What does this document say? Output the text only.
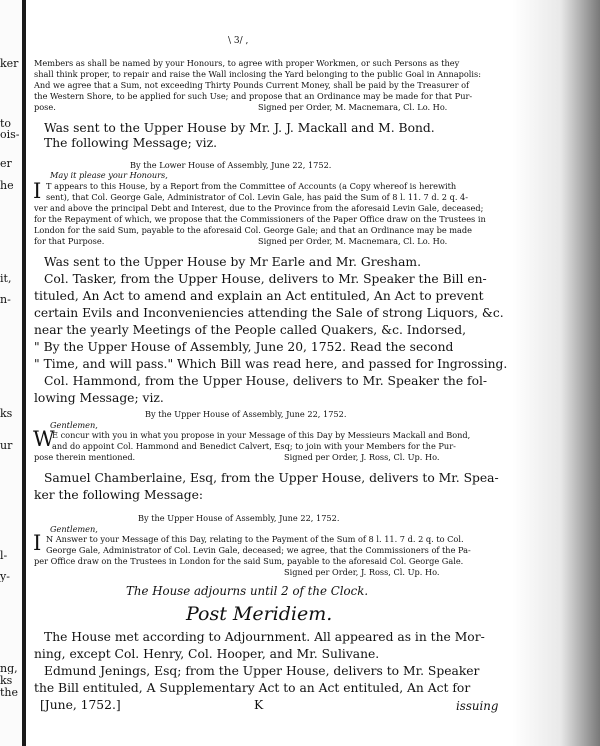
ker
to
ois-
er
he
it,
n-
ks
ur
l-
y-
ng,
ks
the
\ 3/ ,
Members as shall be named by your Honours, to agree with proper Workmen, or such Persons as they
shall think proper, to repair and raise the Wall inclosing the Yard belonging to the public Goal in Annapolis:
And we agree that a Sum, not exceeding Thirty Pounds Current Money, shall be paid by the Treasurer of
the Western Shore, to be applied for such Use; and propose that an Ordinance may be made for that Pur-
pose.	Signed per Order, M. Macnemara, Cl. Lo. Ho.
Was sent to the Upper House by Mr. J. J. Mackall and M. Bond.
The following Message; viz.
By the Lower House of Assembly, June 22, 1752.
May it please your Honours,
I T appears to this House, by a Report from the Committee of Accounts (a Copy whereof is herewith
sent), that Col. George Gale, Administrator of Col. Levin Gale, has paid the Sum of 8 l. 11. 7 d. 2 q. 4-
ver and above the principal Debt and Interest, due to the Province from the aforesaid Levin Gale, deceased;
for the Repayment of which, we propose that the Commissioners of the Paper Office draw on the Trustees in
London for the said Sum, payable to the aforesaid Col. George Gale; and that an Ordinance may be made
for that Purpose.	Signed per Order, M. Macnemara, Cl. Lo. Ho.
Was sent to the Upper House by Mr Earle and Mr. Gresham.
Col. Tasker, from the Upper House, delivers to Mr. Speaker the Bill en-
tituled, An Act to amend and explain an Act entituled, An Act to prevent
certain Evils and Inconveniencies attending the Sale of strong Liquors, &c.
near the yearly Meetings of the People called Quakers, &c. Indorsed,
" By the Upper House of Assembly, June 20, 1752. Read the second
" Time, and will pass." Which Bill was read here, and passed for Ingrossing.
Col. Hammond, from the Upper House, delivers to Mr. Speaker the fol-
lowing Message; viz.
By the Upper House of Assembly, June 22, 1752.
Gentlemen,
W
E concur with you in what you propose in your Message of this Day by Messieurs Mackall and Bond,
and do appoint Col. Hammond and Benedict Calvert, Esq; to join with your Members for the Pur-
pose therein mentioned.	Signed per Order, J. Ross, Cl. Up. Ho.
Samuel Chamberlaine, Esq, from the Upper House, delivers to Mr. Spea-
ker the following Message:
By the Upper House of Assembly, June 22, 1752.
Gentlemen,
I N Answer to your Message of this Day, relating to the Payment of the Sum of 8 l. 11. 7 d. 2 q. to Col.
George Gale, Administrator of Col. Levin Gale, deceased; we agree, that the Commissioners of the Pa-
per Office draw on the Trustees in London for the said Sum, payable to the aforesaid Col. George Gale.
Signed per Order, J. Ross, Cl. Up. Ho.
The House adjourns until 2 of the Clock.
Post Meridiem.
The House met according to Adjournment. All appeared as in the Mor-
ning, except Col. Henry, Col. Hooper, and Mr. Sulivane.
Edmund Jenings, Esq; from the Upper House, delivers to Mr. Speaker
the Bill entituled, A Supplementary Act to an Act entituled, An Act for
[June, 1752.]	K	issuing
